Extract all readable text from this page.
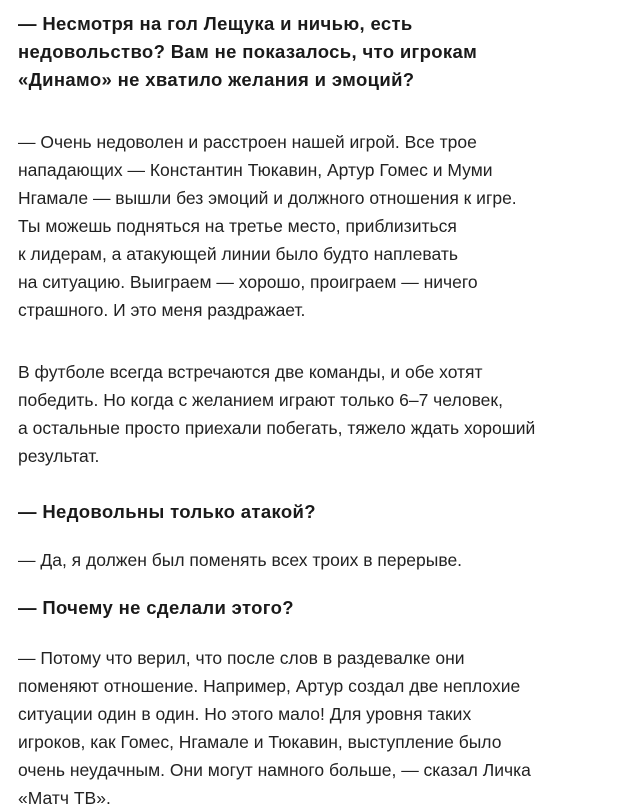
— Несмотря на гол Лещука и ничью, есть
недовольство? Вам не показалось, что игрокам
«Динамо» не хватило желания и эмоций?

— Очень недоволен и расстроен нашей игрой. Все трое
нападающих — Константин Тюкавин, Артур Гомес и Муми
Нгамале — вышли без эмоций и должного отношения к игре.
Ты можешь подняться на третье место, приблизиться
к лидерам, а атакующей линии было будто наплевать
на ситуацию. Выиграем — хорошо, проиграем — ничего
страшного. И это меня раздражает.

В футболе всегда встречаются две команды, и обе хотят
победить. Но когда с желанием играют только 6–7 человек,
а остальные просто приехали побегать, тяжело ждать хороший
результат.

— Недовольны только атакой?

— Да, я должен был поменять всех троих в перерыве.

— Почему не сделали этого?

— Потому что верил, что после слов в раздевалке они
поменяют отношение. Например, Артур создал две неплохие
ситуации один в один. Но этого мало! Для уровня таких
игроков, как Гомес, Нгамале и Тюкавин, выступление было
очень неудачным. Они могут намного больше, — сказал Личка
«Матч ТВ».
